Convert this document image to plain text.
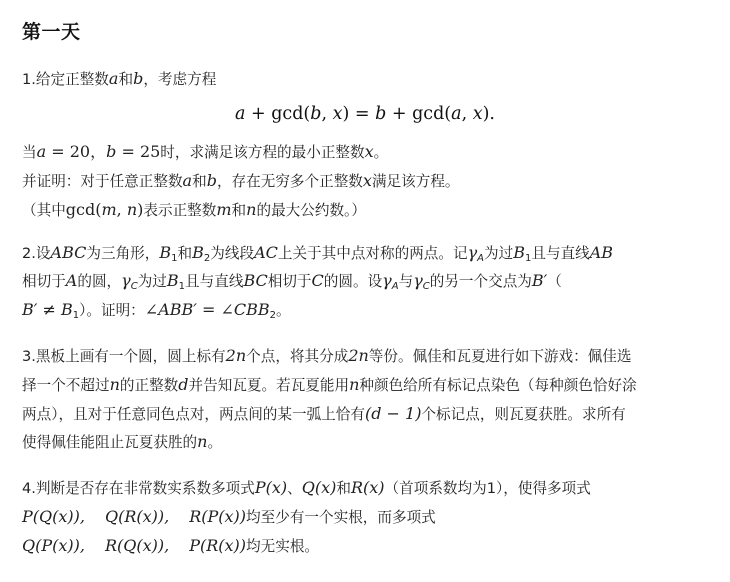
第一天
1.给定正整数a和b，考虑方程
a + gcd(b, x) = b + gcd(a, x).
当a = 20，b = 25时，求满足该方程的最小正整数x。
并证明：对于任意正整数a和b，存在无穷多个正整数x满足该方程。
（其中gcd(m, n)表示正整数m和n的最大公约数。）
2.设ABC为三角形，$B_1$和$B_2$为线段AC上关于其中点对称的两点。记$\gamma_A$为过$B_1$且与直线AB
相切于A的圆，$\gamma_C$为过$B_1$且与直线BC相切于C的圆。设$\gamma_A$与$\gamma_C$的另一个交点为B′（
$B' \ne B_1$）。证明：∠ABB′ = $\angle CBB_2$。
3.黑板上画有一个圆，圆上标有2n个点，将其分成2n等份。佩佳和瓦夏进行如下游戏：佩佳选
择一个不超过n的正整数d并告知瓦夏。若瓦夏能用n种颜色给所有标记点染色（每种颜色恰好涂
两点），且对于任意同色点对，两点间的某一弧上恰有(d − 1)个标记点，则瓦夏获胜。求所有
使得佩佳能阻止瓦夏获胜的n。
4.判断是否存在非常数实系数多项式P(x)、Q(x)和R(x)（首项系数均为1），使得多项式
P(Q(x)), Q(R(x)), R(P(x))均至少有一个实根，而多项式
Q(P(x)), R(Q(x)), P(R(x))均无实根。
